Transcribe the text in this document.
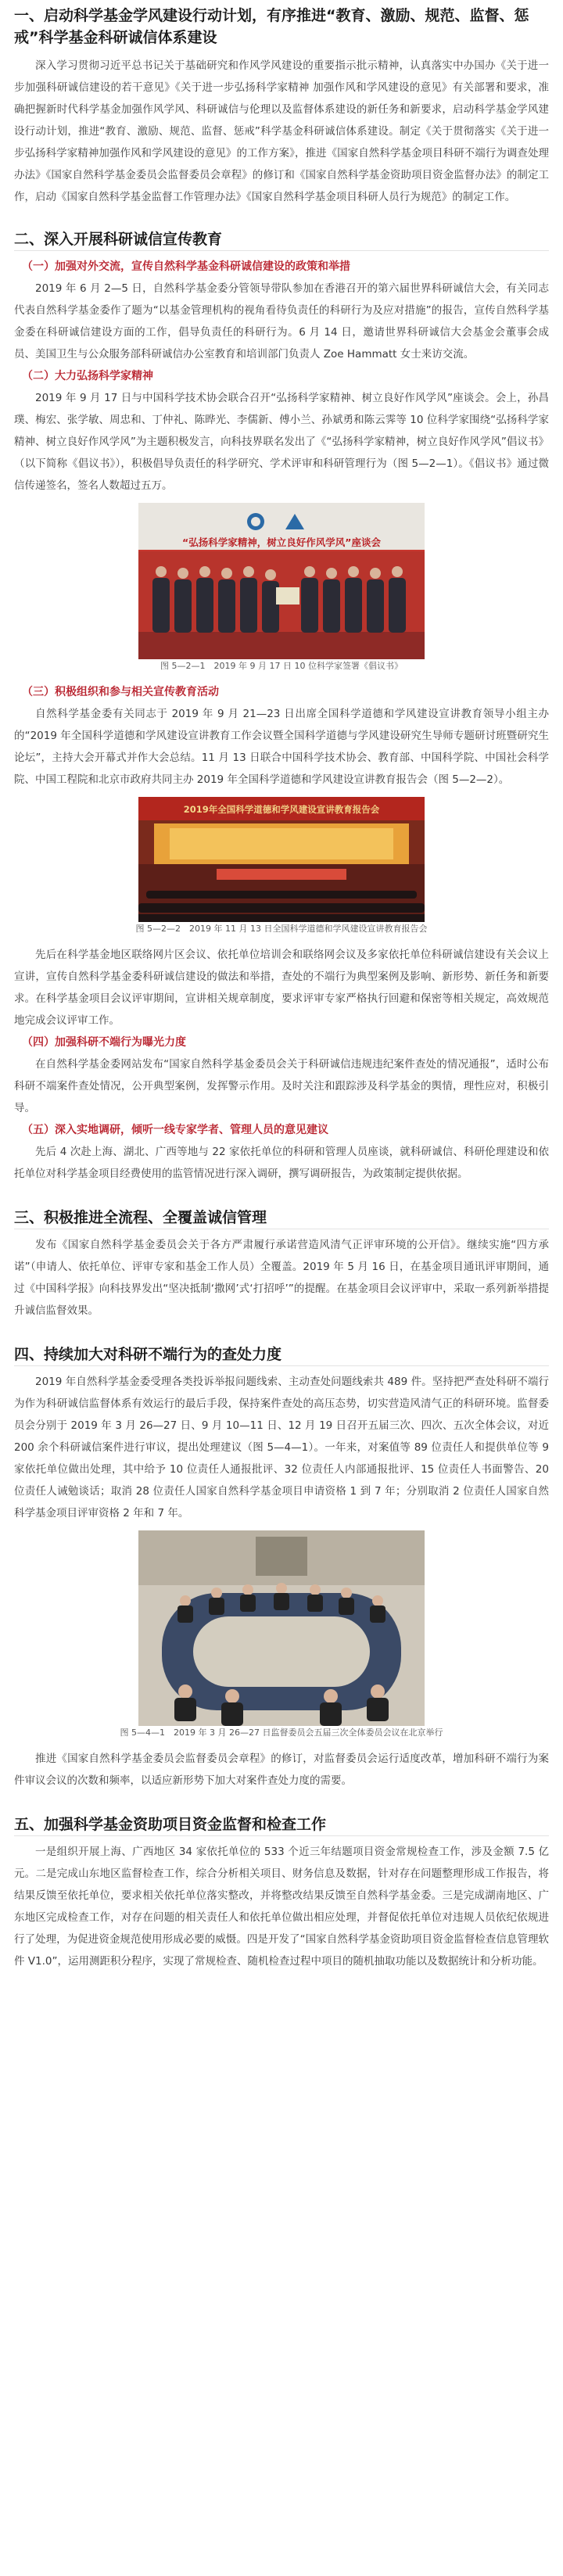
一、启动科学基金学风建设行动计划，有序推进“教育、激励、规范、监督、惩戒”科学基金科研诚信体系建设

深入学习贯彻习近平总书记关于基础研究和作风学风建设的重要指示批示精神，认真落实中办国办《关于进一步加强科研诚信建设的若干意见》《关于进一步弘扬科学家精神 加强作风和学风建设的意见》有关部署和要求，准确把握新时代科学基金加强作风学风、科研诚信与伦理以及监督体系建设的新任务和新要求，启动科学基金学风建设行动计划，推进“教育、激励、规范、监督、惩戒”科学基金科研诚信体系建设。制定《关于贯彻落实《关于进一步弘扬科学家精神加强作风和学风建设的意见》的工作方案》，推进《国家自然科学基金项目科研不端行为调查处理办法》《国家自然科学基金委员会监督委员会章程》的修订和《国家自然科学基金资助项目资金监督办法》的制定工作，启动《国家自然科学基金监督工作管理办法》《国家自然科学基金项目科研人员行为规范》的制定工作。

二、深入开展科研诚信宣传教育
（一）加强对外交流，宣传自然科学基金科研诚信建设的政策和举措

2019 年 6 月 2—5 日，自然科学基金委分管领导带队参加在香港召开的第六届世界科研诚信大会，有关同志代表自然科学基金委作了题为“以基金管理机构的视角看待负责任的科研行为及应对措施”的报告，宣传自然科学基金委在科研诚信建设方面的工作，倡导负责任的科研行为。6 月 14 日，邀请世界科研诚信大会基金会董事会成员、美国卫生与公众服务部科研诚信办公室教育和培训部门负责人 Zoe Hammatt 女士来访交流。

（二）大力弘扬科学家精神

2019 年 9 月 17 日与中国科学技术协会联合召开“弘扬科学家精神、树立良好作风学风”座谈会。会上，孙昌璞、梅宏、张学敏、周忠和、丁仲礼、陈晔光、李儒新、傅小兰、孙斌勇和陈云霁等 10 位科学家围绕“弘扬科学家精神、树立良好作风学风”为主题积极发言，向科技界联名发出了《“弘扬科学家精神，树立良好作风学风”倡议书》（以下简称《倡议书》），积极倡导负责任的科学研究、学术评审和科研管理行为（图 5—2—1）。《倡议书》通过微信传递签名，签名人数超过五万。

“弘扬科学家精神，树立良好作风学风”座谈会
图 5—2—1　2019 年 9 月 17 日 10 位科学家签署《倡议书》
（三）积极组织和参与相关宣传教育活动

自然科学基金委有关同志于 2019 年 9 月 21—23 日出席全国科学道德和学风建设宣讲教育领导小组主办的“2019 年全国科学道德和学风建设宣讲教育工作会议暨全国科学道德与学风建设研究生导师专题研讨班暨研究生论坛”，主持大会开幕式并作大会总结。11 月 13 日联合中国科学技术协会、教育部、中国科学院、中国社会科学院、中国工程院和北京市政府共同主办 2019 年全国科学道德和学风建设宣讲教育报告会（图 5—2—2）。

2019年全国科学道德和学风建设宣讲教育报告会
图 5—2—2　2019 年 11 月 13 日全国科学道德和学风建设宣讲教育报告会

先后在科学基金地区联络网片区会议、依托单位培训会和联络网会议及多家依托单位科研诚信建设有关会议上宣讲，宣传自然科学基金委科研诚信建设的做法和举措，查处的不端行为典型案例及影响、新形势、新任务和新要求。在科学基金项目会议评审期间，宣讲相关规章制度，要求评审专家严格执行回避和保密等相关规定，高效规范地完成会议评审工作。

（四）加强科研不端行为曝光力度

在自然科学基金委网站发布“国家自然科学基金委员会关于科研诚信违规违纪案件查处的情况通报”，适时公布科研不端案件查处情况，公开典型案例，发挥警示作用。及时关注和跟踪涉及科学基金的舆情，理性应对，积极引导。

（五）深入实地调研，倾听一线专家学者、管理人员的意见建议

先后 4 次赴上海、湖北、广西等地与 22 家依托单位的科研和管理人员座谈，就科研诚信、科研伦理建设和依托单位对科学基金项目经费使用的监管情况进行深入调研，撰写调研报告，为政策制定提供依据。

三、积极推进全流程、全覆盖诚信管理

发布《国家自然科学基金委员会关于各方严肃履行承诺营造风清气正评审环境的公开信》。继续实施“四方承诺”（申请人、依托单位、评审专家和基金工作人员）全覆盖。2019 年 5 月 16 日，在基金项目通讯评审期间，通过《中国科学报》向科技界发出“坚决抵制‘撒网’式‘打招呼’”的提醒。在基金项目会议评审中，采取一系列新举措提升诚信监督效果。

四、持续加大对科研不端行为的查处力度

2019 年自然科学基金委受理各类投诉举报问题线索、主动查处问题线索共 489 件。坚持把严查处科研不端行为作为科研诚信监督体系有效运行的最后手段，保持案件查处的高压态势，切实营造风清气正的科研环境。监督委员会分别于 2019 年 3 月 26—27 日、9 月 10—11 日、12 月 19 日召开五届三次、四次、五次全体会议，对近 200 余个科研诚信案件进行审议，提出处理建议（图 5—4—1）。一年来，对案值等 89 位责任人和提供单位等 9 家依托单位做出处理，其中给予 10 位责任人通报批评、32 位责任人内部通报批评、15 位责任人书面警告、20 位责任人诫勉谈话；取消 28 位责任人国家自然科学基金项目申请资格 1 到 7 年；分别取消 2 位责任人国家自然科学基金项目评审资格 2 年和 7 年。

图 5—4—1　2019 年 3 月 26—27 日监督委员会五届三次全体委员会议在北京举行

推进《国家自然科学基金委员会监督委员会章程》的修订，对监督委员会运行适度改革，增加科研不端行为案件审议会议的次数和频率，以适应新形势下加大对案件查处力度的需要。

五、加强科学基金资助项目资金监督和检查工作

一是组织开展上海、广西地区 34 家依托单位的 533 个近三年结题项目资金常规检查工作，涉及金额 7.5 亿元。二是完成山东地区监督检查工作，综合分析相关项目、财务信息及数据，针对存在问题整理形成工作报告，将结果反馈至依托单位，要求相关依托单位落实整改，并将整改结果反馈至自然科学基金委。三是完成湖南地区、广东地区完成检查工作，对存在问题的相关责任人和依托单位做出相应处理，并督促依托单位对违规人员依纪依规进行了处理，为促进资金规范使用形成必要的威慑。四是开发了“国家自然科学基金资助项目资金监督检查信息管理软件 V1.0”，运用测距积分程序，实现了常规检查、随机检查过程中项目的随机抽取功能以及数据统计和分析功能。
